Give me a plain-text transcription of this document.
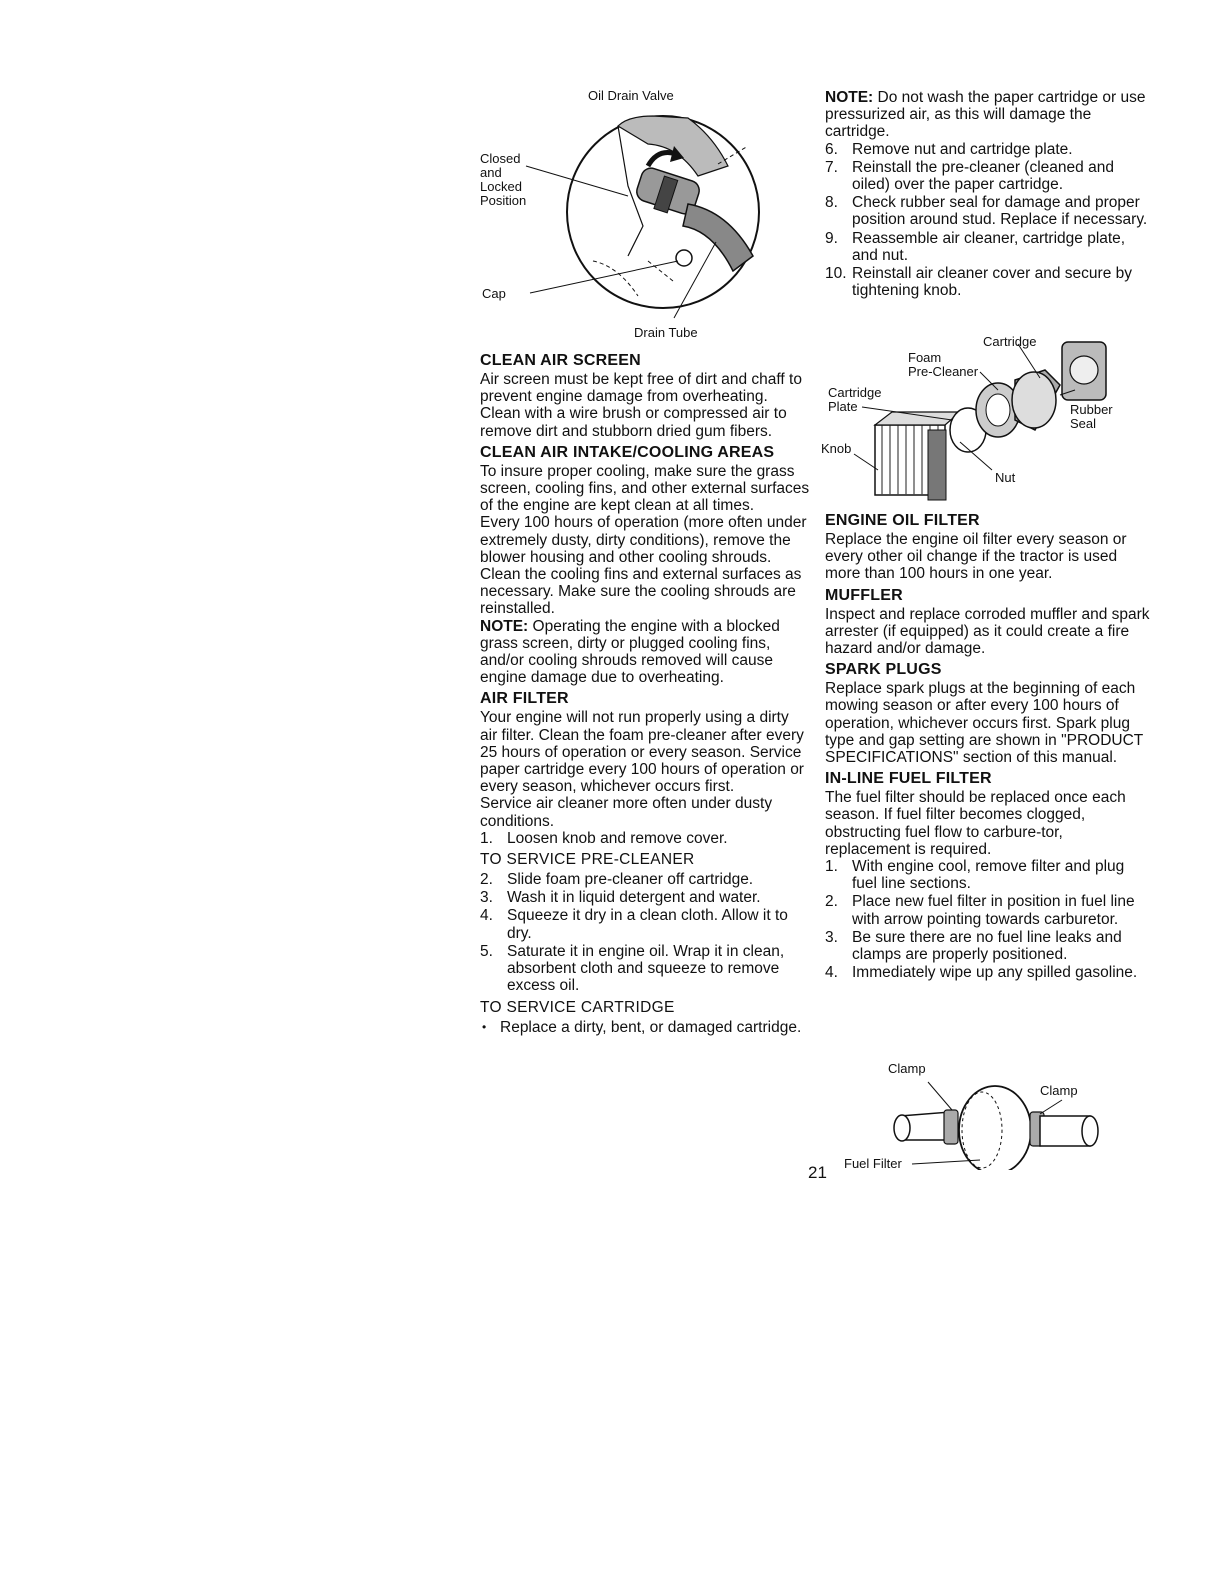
Oil Drain Valve
Closed
and
Locked
Position
Cap
Drain Tube
CLEAN AIR SCREEN

Air screen must be kept free of dirt and chaff to prevent engine damage from overheating. Clean with a wire brush or compressed air to remove dirt and stubborn dried gum fibers.

CLEAN AIR INTAKE/COOLING AREAS

To insure proper cooling, make sure the grass screen, cooling fins, and other external surfaces of the engine are kept clean at all times.

Every 100 hours of operation (more often under extremely dusty, dirty conditions), remove the blower housing and other cooling shrouds. Clean the cooling fins and external surfaces as necessary. Make sure the cooling shrouds are reinstalled.

NOTE: Operating the engine with a blocked grass screen, dirty or plugged cooling fins, and/or cooling shrouds removed will cause engine damage due to overheating.

AIR FILTER

Your engine will not run properly using a dirty air filter. Clean the foam pre-cleaner after every 25 hours of operation or every season. Service paper cartridge every 100 hours of operation or every season, whichever occurs first.

Service air cleaner more often under dusty conditions.

1. Loosen knob and remove cover.
TO SERVICE PRE-CLEANER
2. Slide foam pre-cleaner off cartridge.
3. Wash it in liquid detergent and water.
4. Squeeze it dry in a clean cloth. Allow it to dry.
5. Saturate it in engine oil. Wrap it in clean, absorbent cloth and squeeze to remove excess oil.
TO SERVICE CARTRIDGE
• Replace a dirty, bent, or damaged cartridge.

NOTE: Do not wash the paper cartridge or use pressurized air, as this will damage the cartridge.

6. Remove nut and cartridge plate.
7. Reinstall the pre-cleaner (cleaned and oiled) over the paper cartridge.
8. Check rubber seal for damage and proper position around stud. Replace if necessary.
9. Reassemble air cleaner, cartridge plate, and nut.
10. Reinstall air cleaner cover and secure by tightening knob.
Cartridge
Foam
Pre-Cleaner
Cartridge
Plate	Rubber
Seal
Knob
Nut
ENGINE OIL FILTER

Replace the engine oil filter every season or every other oil change if the tractor is used more than 100 hours in one year.

MUFFLER

Inspect and replace corroded muffler and spark arrester (if equipped) as it could create a fire hazard and/or damage.

SPARK PLUGS

Replace spark plugs at the beginning of each mowing season or after every 100 hours of operation, whichever occurs first. Spark plug type and gap setting are shown in "PRODUCT SPECIFICATIONS" section of this manual.

IN-LINE FUEL FILTER

The fuel filter should be replaced once each season. If fuel filter becomes clogged, obstructing fuel flow to carbure-tor, replacement is required.

1. With engine cool, remove filter and plug fuel line sections.
2. Place new fuel filter in position in fuel line with arrow pointing towards carburetor.
3. Be sure there are no fuel line leaks and clamps are properly positioned.
4. Immediately wipe up any spilled gasoline.
Clamp
Clamp
Fuel Filter
21
